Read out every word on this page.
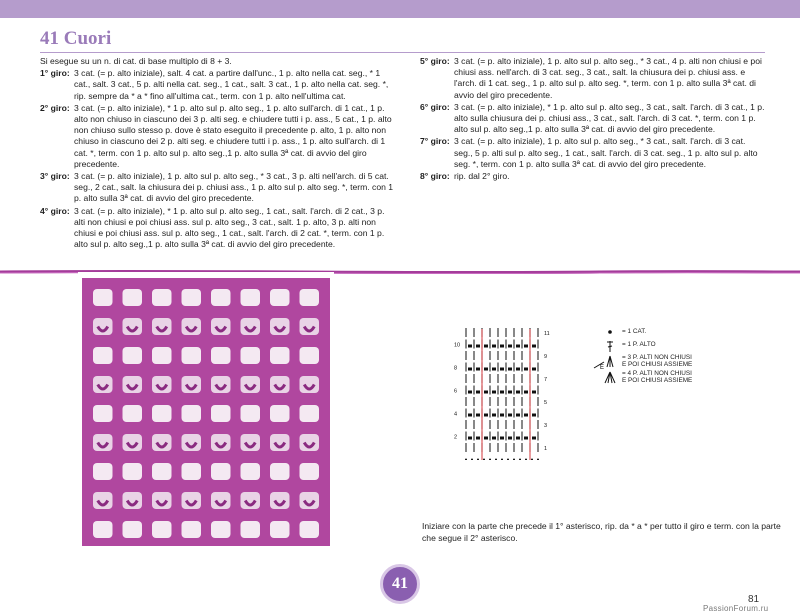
41 Cuori
Si esegue su un n. di cat. di base multiplo di 8 + 3.
1° giro: 3 cat. (= p. alto iniziale), salt. 4 cat. a partire dall'unc., 1 p. alto nella cat. seg., * 1 cat., salt. 3 cat., 5 p. alti nella cat. seg., 1 cat., salt. 3 cat., 1 p. alto nella cat. seg. *, rip. sempre da * a * fino all'ultima cat., term. con 1 p. alto nell'ultima cat.
2° giro: 3 cat. (= p. alto iniziale), * 1 p. alto sul p. alto seg., 1 p. alto sull'arch. di 1 cat., 1 p. alto non chiuso in ciascuno dei 3 p. alti seg. e chiudere tutti i p. ass., 5 cat., 1 p. alto non chiuso sullo stesso p. dove è stato eseguito il precedente p. alto, 1 p. alto non chiuso in ciascuno dei 2 p. alti seg. e chiudere tutti i p. ass., 1 p. alto sull'arch. di 1 cat. *, term. con 1 p. alto sul p. alto seg.,1 p. alto sulla 3ª cat. di avvio del giro precedente.
3° giro: 3 cat. (= p. alto iniziale), 1 p. alto sul p. alto seg., * 3 cat., 3 p. alti nell'arch. di 5 cat. seg., 2 cat., salt. la chiusura dei p. chiusi ass., 1 p. alto sul p. alto seg. *, term. con 1 p. alto sulla 3ª cat. di avvio del giro precedente.
4° giro: 3 cat. (= p. alto iniziale), * 1 p. alto sul p. alto seg., 1 cat., salt. l'arch. di 2 cat., 3 p. alti non chiusi e poi chiusi ass. sul p. alto seg., 3 cat., salt. 1 p. alto, 3 p. alti non chiusi e poi chiusi ass. sul p. alto seg., 1 cat., salt. l'arch. di 2 cat. *, term. con 1 p. alto sul p. alto seg.,1 p. alto sulla 3ª cat. di avvio del giro precedente.
5° giro: 3 cat. (= p. alto iniziale), 1 p. alto sul p. alto seg., * 3 cat., 4 p. alti non chiusi e poi chiusi ass. nell'arch. di 3 cat. seg., 3 cat., salt. la chiusura dei p. chiusi ass. e l'arch. di 1 cat. seg., 1 p. alto sul p. alto seg. *, term. con 1 p. alto sulla 3ª cat. di avvio del giro precedente.
6° giro: 3 cat. (= p. alto iniziale), * 1 p. alto sul p. alto seg., 3 cat., salt. l'arch. di 3 cat., 1 p. alto sulla chiusura dei p. chiusi ass., 3 cat., salt. l'arch. di 3 cat. *, term. con 1 p. alto sul p. alto seg.,1 p. alto sulla 3ª cat. di avvio del giro precedente.
7° giro: 3 cat. (= p. alto iniziale), 1 p. alto sul p. alto seg., * 3 cat., salt. l'arch. di 3 cat. seg., 5 p. alti sul p. alto seg., 1 cat., salt. l'arch. di 3 cat. seg., 1 p. alto sul p. alto seg. *, term. con 1 p. alto sulla 3ª cat. di avvio del giro precedente.
8° giro: rip. dal 2° giro.
11
10
9
8
7
6
5
4
3
2
1
= 1 CAT.
= 1 P. ALTO
E
= 3 P. ALTI NON CHIUSI
E POI CHIUSI ASSIEME
= 4 P. ALTI NON CHIUSI
E POI CHIUSI ASSIEME
Iniziare con la parte che precede il 1° asterisco, rip. da * a * per tutto il giro e term. con la parte che segue il 2° asterisco.
41
81
PassionForum.ru
